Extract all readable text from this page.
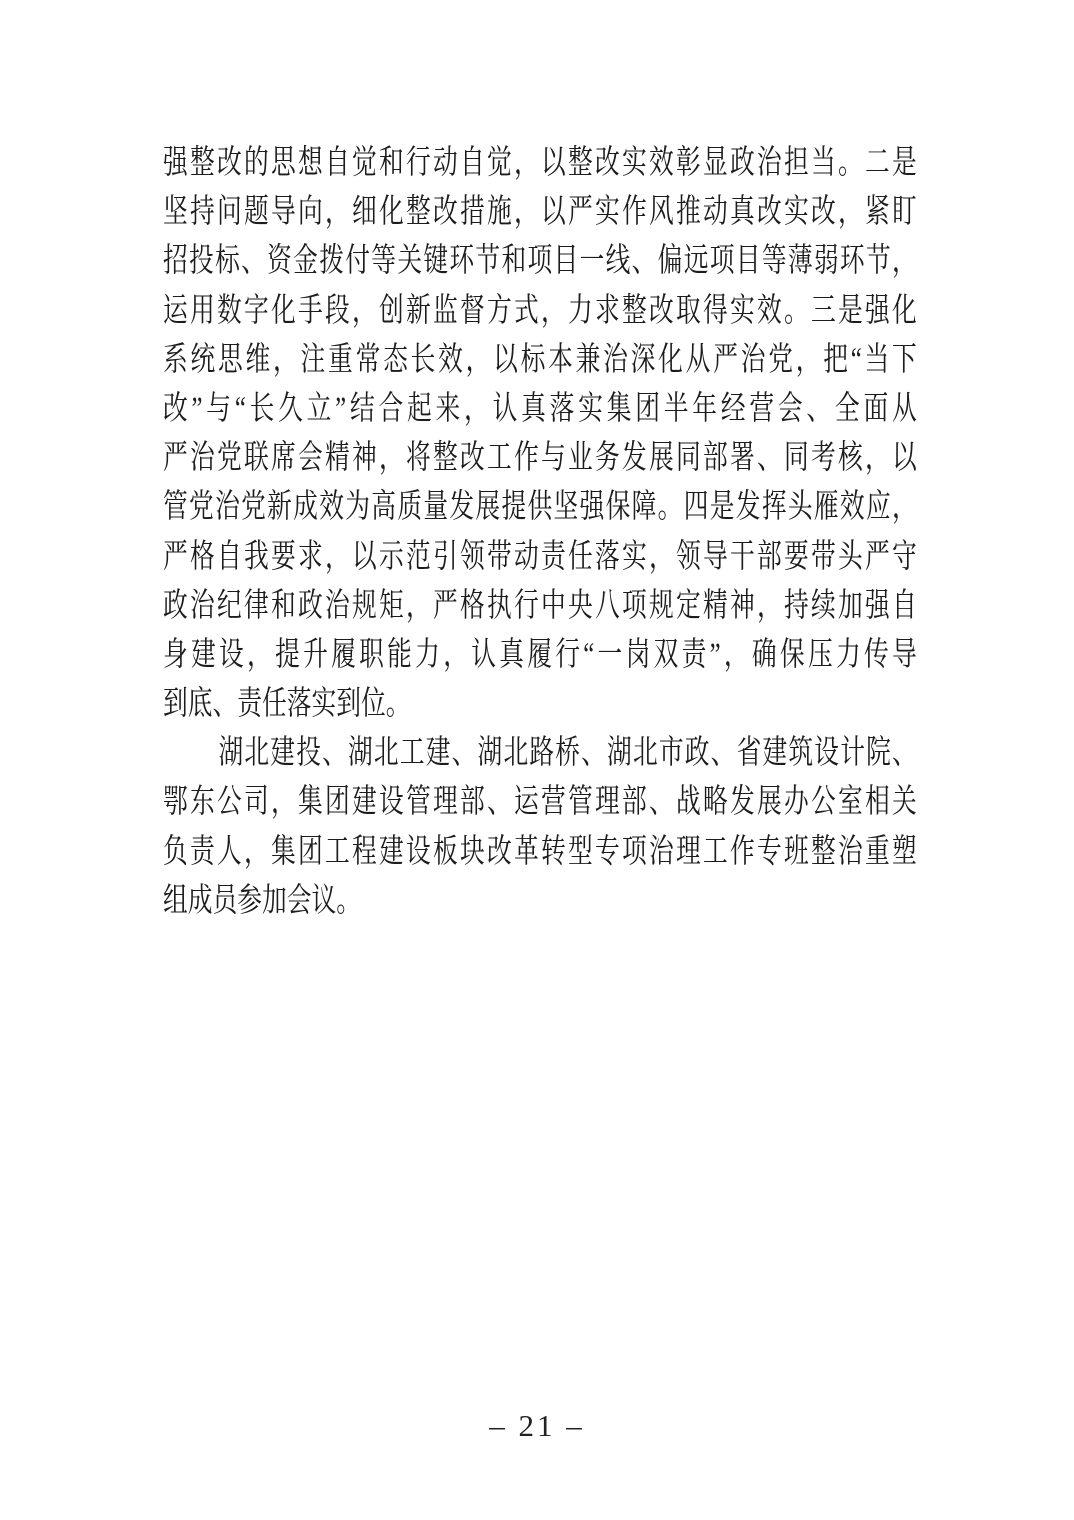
强整改的思想自觉和行动自觉，以整改实效彰显政治担当。二是
坚持问题导向，细化整改措施，以严实作风推动真改实改，紧盯
招投标、资金拨付等关键环节和项目一线、偏远项目等薄弱环节，
运用数字化手段，创新监督方式，力求整改取得实效。三是强化
系统思维，注重常态长效，以标本兼治深化从严治党，把“当下
改”与“长久立”结合起来，认真落实集团半年经营会、全面从
严治党联席会精神，将整改工作与业务发展同部署、同考核，以
管党治党新成效为高质量发展提供坚强保障。四是发挥头雁效应，
严格自我要求，以示范引领带动责任落实，领导干部要带头严守
政治纪律和政治规矩，严格执行中央八项规定精神，持续加强自
身建设，提升履职能力，认真履行“一岗双责”，确保压力传导
到底、责任落实到位。
湖北建投、湖北工建、湖北路桥、湖北市政、省建筑设计院、
鄂东公司，集团建设管理部、运营管理部、战略发展办公室相关
负责人，集团工程建设板块改革转型专项治理工作专班整治重塑
组成员参加会议。
– 21 –
